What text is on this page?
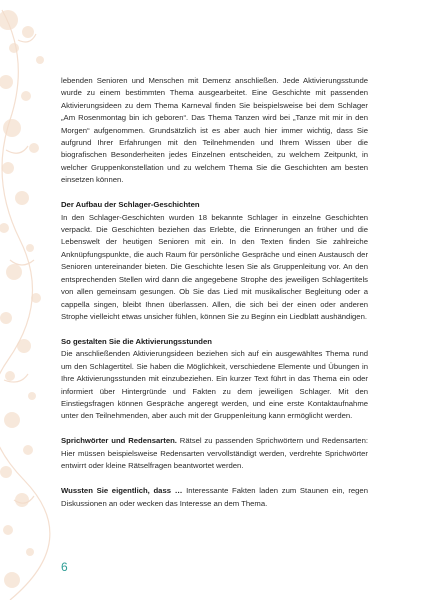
lebenden Senioren und Menschen mit Demenz anschließen. Jede Aktivierungsstunde wurde zu einem bestimmten Thema ausgearbeitet. Eine Geschichte mit passenden Aktivierungsideen zu dem Thema Karneval finden Sie beispielsweise bei dem Schlager „Am Rosenmontag bin ich geboren“. Das Thema Tanzen wird bei „Tanze mit mir in den Morgen“ aufgenommen. Grundsätzlich ist es aber auch hier immer wichtig, dass Sie aufgrund Ihrer Erfahrungen mit den Teilnehmenden und Ihrem Wissen über die biografischen Besonderheiten jedes Einzelnen entscheiden, zu welchem Zeitpunkt, in welcher Gruppenkonstellation und zu welchem Thema Sie die Geschichten am besten einsetzen können.

Der Aufbau der Schlager-Geschichten

In den Schlager-Geschichten wurden 18 bekannte Schlager in einzelne Geschichten verpackt. Die Geschichten beziehen das Erlebte, die Erinnerungen an früher und die Lebenswelt der heutigen Senioren mit ein. In den Texten finden Sie zahlreiche Anknüpfungspunkte, die auch Raum für persönliche Gespräche und einen Austausch der Senioren untereinander bieten. Die Geschichte lesen Sie als Gruppenleitung vor. An den entsprechenden Stellen wird dann die angegebene Strophe des jeweiligen Schlagertitels von allen gemeinsam gesungen. Ob Sie das Lied mit musikalischer Begleitung oder a cappella singen, bleibt Ihnen überlassen. Allen, die sich bei der einen oder anderen Strophe vielleicht etwas unsicher fühlen, können Sie zu Beginn ein Liedblatt aushändigen.

So gestalten Sie die Aktivierungsstunden

Die anschließenden Aktivierungsideen beziehen sich auf ein ausgewähltes Thema rund um den Schlagertitel. Sie haben die Möglichkeit, verschiedene Elemente und Übungen in Ihre Aktivierungsstunden mit einzubeziehen. Ein kurzer Text führt in das Thema ein oder informiert über Hintergründe und Fakten zu dem jeweiligen Schlager. Mit den Einstiegsfragen können Gespräche angeregt werden, und eine erste Kontaktaufnahme unter den Teilnehmenden, aber auch mit der Gruppenleitung kann ermöglicht werden.

Sprichwörter und Redensarten. Rätsel zu passenden Sprichwörtern und Redensarten: Hier müssen beispielsweise Redensarten vervollständigt werden, verdrehte Sprichwörter entwirrt oder kleine Rätselfragen beantwortet werden.

Wussten Sie eigentlich, dass … Interessante Fakten laden zum Staunen ein, regen Diskussionen an oder wecken das Interesse an dem Thema.

6
